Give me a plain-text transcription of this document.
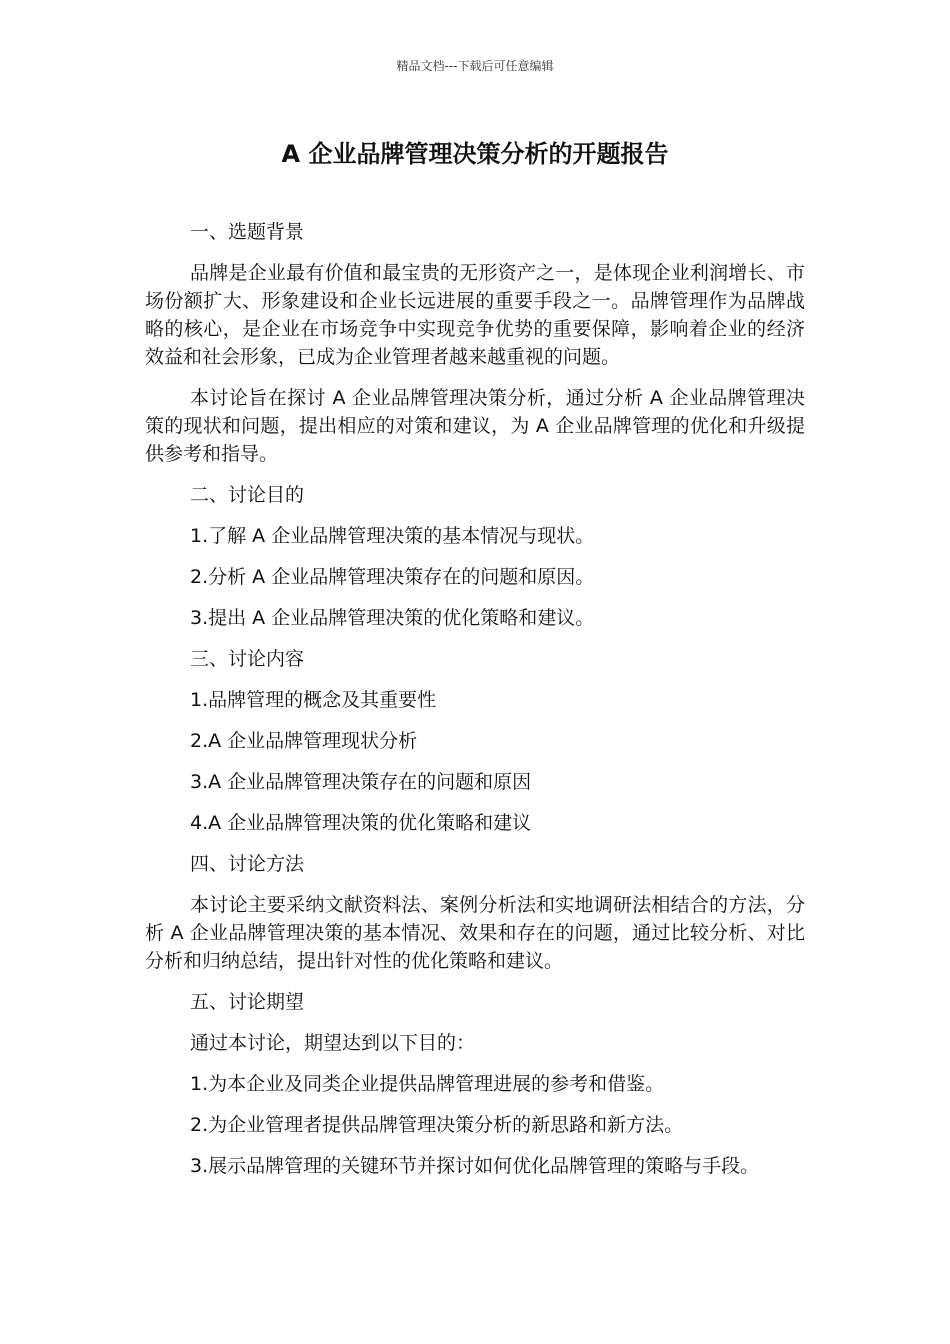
精品文档---下载后可任意编辑
A 企业品牌管理决策分析的开题报告

一、选题背景

品牌是企业最有价值和最宝贵的无形资产之一，是体现企业利润增长、市场份额扩大、形象建设和企业长远进展的重要手段之一。品牌管理作为品牌战略的核心，是企业在市场竞争中实现竞争优势的重要保障，影响着企业的经济效益和社会形象，已成为企业管理者越来越重视的问题。

本讨论旨在探讨 A 企业品牌管理决策分析，通过分析 A 企业品牌管理决策的现状和问题，提出相应的对策和建议，为 A 企业品牌管理的优化和升级提供参考和指导。

二、讨论目的

1.了解 A 企业品牌管理决策的基本情况与现状。

2.分析 A 企业品牌管理决策存在的问题和原因。

3.提出 A 企业品牌管理决策的优化策略和建议。

三、讨论内容

1.品牌管理的概念及其重要性

2.A 企业品牌管理现状分析

3.A 企业品牌管理决策存在的问题和原因

4.A 企业品牌管理决策的优化策略和建议

四、讨论方法

本讨论主要采纳文献资料法、案例分析法和实地调研法相结合的方法，分析 A 企业品牌管理决策的基本情况、效果和存在的问题，通过比较分析、对比分析和归纳总结，提出针对性的优化策略和建议。

五、讨论期望

通过本讨论，期望达到以下目的：

1.为本企业及同类企业提供品牌管理进展的参考和借鉴。

2.为企业管理者提供品牌管理决策分析的新思路和新方法。

3.展示品牌管理的关键环节并探讨如何优化品牌管理的策略与手段。
